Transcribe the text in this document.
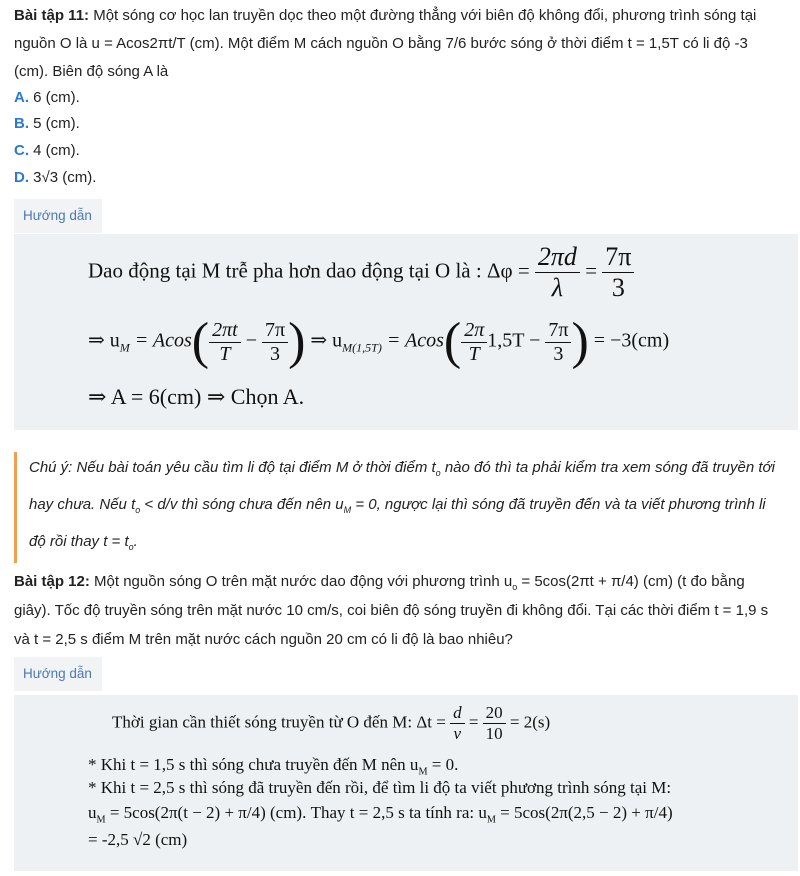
Bài tập 11: Một sóng cơ học lan truyền dọc theo một đường thẳng với biên độ không đổi, phương trình sóng tại
nguồn O là u = Acos2πt/T (cm). Một điểm M cách nguồn O bằng 7/6 bước sóng ở thời điểm t = 1,5T có li độ -3
(cm). Biên độ sóng A là
A. 6 (cm).
B. 5 (cm).
C. 4 (cm).
D. 3√3 (cm).
Hướng dẫn
Dao động tại M trễ pha hơn dao động tại O là : $\Delta\varphi = \frac{2\pi d}{\lambda} = \frac{7\pi}{3}$
⇒ $u_M = Acos( \frac{2\pi t}{T} - \frac{7\pi}{3}$ ) ⇒ $u_{M(1,5T)} = Acos( \frac{2\pi}{T} 1,5T - \frac{7\pi}{3}$ ) = −3(cm)
⇒ A = 6(cm) ⇒ Chọn A.
Chú ý: Nếu bài toán yêu cầu tìm li độ tại điểm M ở thời điểm $t_o$ nào đó thì ta phải kiểm tra xem sóng đã truyền tới
hay chưa. Nếu $t_o < d/v$ thì sóng chưa đến nên $u_M = 0$, ngược lại thì sóng đã truyền đến và ta viết phương trình li
độ rồi thay $t = t_o$.
Bài tập 12: Một nguồn sóng O trên mặt nước dao động với phương trình $u_o = 5\cos(2\pi t + \pi/4)$ (cm) (t đo bằng
giây). Tốc độ truyền sóng trên mặt nước 10 cm/s, coi biên độ sóng truyền đi không đổi. Tại các thời điểm t = 1,9 s
và t = 2,5 s điểm M trên mặt nước cách nguồn 20 cm có li độ là bao nhiêu?
Hướng dẫn
Thời gian cần thiết sóng truyền từ O đến M: $\Delta t = \frac{d}{v} = \frac{20}{10} = 2(s)$
* Khi t = 1,5 s thì sóng chưa truyền đến M nên $u_M = 0$.
* Khi t = 2,5 s thì sóng đã truyền đến rồi, để tìm li độ ta viết phương trình sóng tại M:
$u_M = 5\cos(2\pi(t - 2) + \pi/4)$ (cm). Thay t = 2,5 s ta tính ra: $u_M = 5\cos(2\pi(2,5 - 2) + \pi/4)$
= -2,5 √2 (cm)
